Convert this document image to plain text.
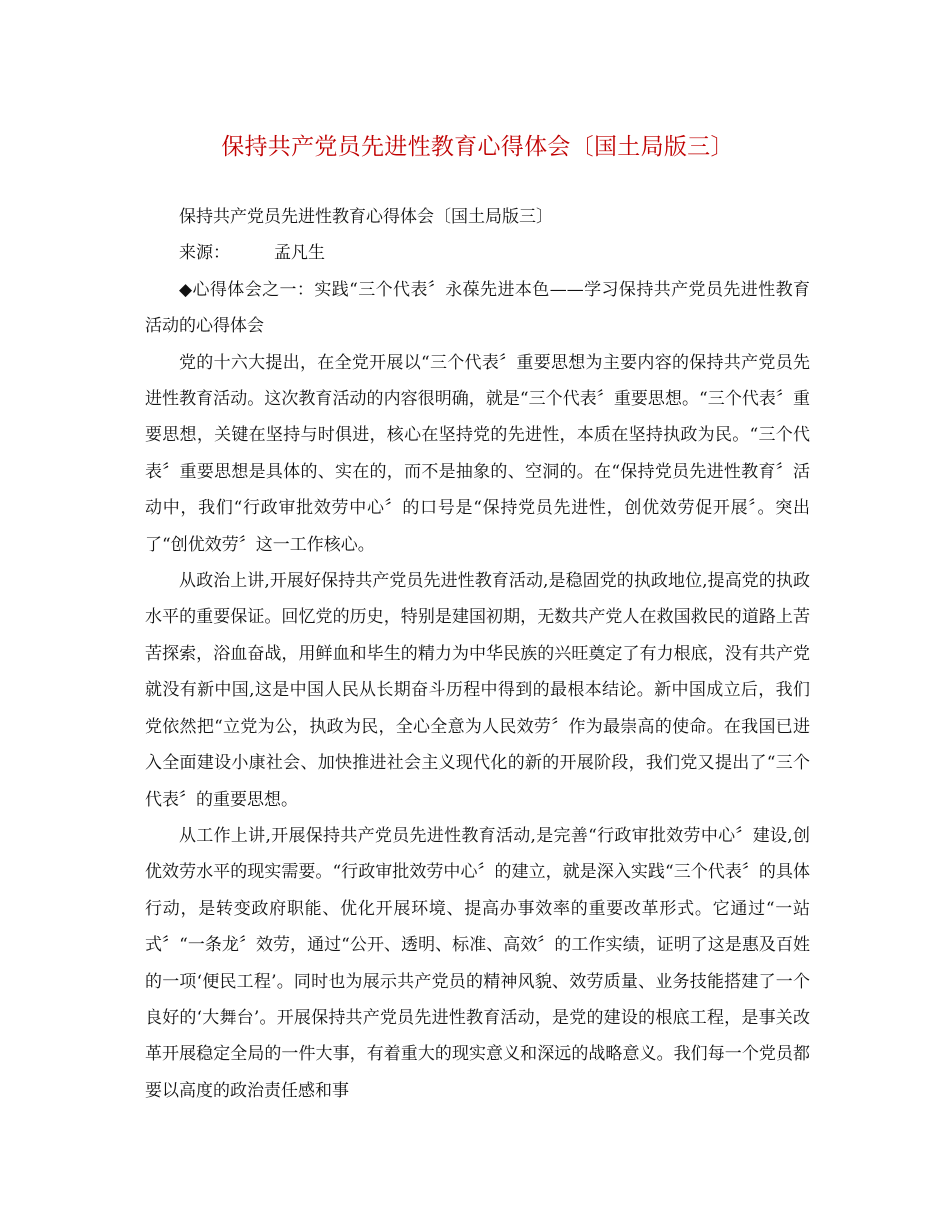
保持共产党员先进性教育心得体会〔国土局版三〕

保持共产党员先进性教育心得体会〔国土局版三〕

来源：	孟凡生

◆心得体会之一：实践“三个代表〞永葆先进本色——学习保持共产党员先进性教育活动的心得体会

党的十六大提出，在全党开展以“三个代表〞重要思想为主要内容的保持共产党员先进性教育活动。这次教育活动的内容很明确，就是“三个代表〞重要思想。“三个代表〞重要思想，关键在坚持与时俱进，核心在坚持党的先进性，本质在坚持执政为民。“三个代表〞重要思想是具体的、实在的，而不是抽象的、空洞的。在“保持党员先进性教育〞活动中，我们“行政审批效劳中心〞的口号是“保持党员先进性，创优效劳促开展〞。突出了“创优效劳〞这一工作核心。

从政治上讲,开展好保持共产党员先进性教育活动,是稳固党的执政地位,提高党的执政水平的重要保证。回忆党的历史，特别是建国初期，无数共产党人在救国救民的道路上苦苦探索，浴血奋战，用鲜血和毕生的精力为中华民族的兴旺奠定了有力根底，没有共产党就没有新中国,这是中国人民从长期奋斗历程中得到的最根本结论。新中国成立后，我们党依然把“立党为公，执政为民，全心全意为人民效劳〞作为最崇高的使命。在我国已进入全面建设小康社会、加快推进社会主义现代化的新的开展阶段，我们党又提出了“三个代表〞的重要思想。

从工作上讲,开展保持共产党员先进性教育活动,是完善“行政审批效劳中心〞建设,创优效劳水平的现实需要。“行政审批效劳中心〞的建立，就是深入实践“三个代表〞的具体行动，是转变政府职能、优化开展环境、提高办事效率的重要改革形式。它通过“一站式〞“一条龙〞效劳，通过“公开、透明、标准、高效〞的工作实绩，证明了这是惠及百姓的一项‘便民工程’。同时也为展示共产党员的精神风貌、效劳质量、业务技能搭建了一个良好的‘大舞台’。开展保持共产党员先进性教育活动，是党的建设的根底工程，是事关改革开展稳定全局的一件大事，有着重大的现实意义和深远的战略意义。我们每一个党员都要以高度的政治责任感和事
